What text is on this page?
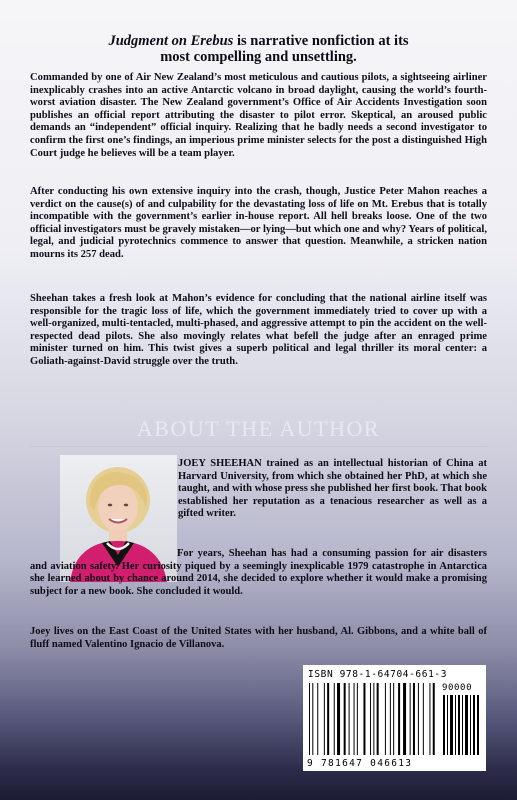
Judgment on Erebus is narrative nonfiction at its
most compelling and unsettling.

Commanded by one of Air New Zealand’s most meticulous and cautious pilots, a sightseeing airliner inexplicably crashes into an active Antarctic volcano in broad daylight, causing the world’s fourth-worst aviation disaster. The New Zealand government’s Office of Air Accidents Investigation soon publishes an official report attributing the disaster to pilot error. Skeptical, an aroused public demands an “independent” official inquiry. Realizing that he badly needs a second investigator to confirm the first one’s findings, an imperious prime minister selects for the post a distinguished High Court judge he believes will be a team player.

After conducting his own extensive inquiry into the crash, though, Justice Peter Mahon reaches a verdict on the cause(s) of and culpability for the devastating loss of life on Mt. Erebus that is totally incompatible with the government’s earlier in-house report. All hell breaks loose. One of the two official investigators must be gravely mistaken—or lying—but which one and why? Years of political, legal, and judicial pyrotechnics commence to answer that question. Meanwhile, a stricken nation mourns its 257 dead.

Sheehan takes a fresh look at Mahon’s evidence for concluding that the national airline itself was responsible for the tragic loss of life, which the government immediately tried to cover up with a well-organized, multi-tentacled, multi-phased, and aggressive attempt to pin the accident on the well-respected dead pilots. She also movingly relates what befell the judge after an enraged prime minister turned on him. This twist gives a superb political and legal thriller its moral center: a Goliath-against-David struggle over the truth.

ABOUT THE AUTHOR

JOEY SHEEHAN trained as an intellectual historian of China at Harvard University, from which she obtained her PhD, at which she taught, and with whose press she published her first book. That book established her reputation as a tenacious researcher as well as a gifted writer.

For years, Sheehan has had a consuming passion for air disasters and aviation safety. Her curiosity piqued by a seemingly inexplicable 1979 catastrophe in Antarctica she learned about by chance around 2014, she decided to explore whether it would make a promising subject for a new book. She concluded it would.

Joey lives on the East Coast of the United States with her husband, Al. Gibbons, and a white ball of fluff named Valentino Ignacio de Villanova.

ISBN 978-1-64704-661-3
90000
9 781647 046613
